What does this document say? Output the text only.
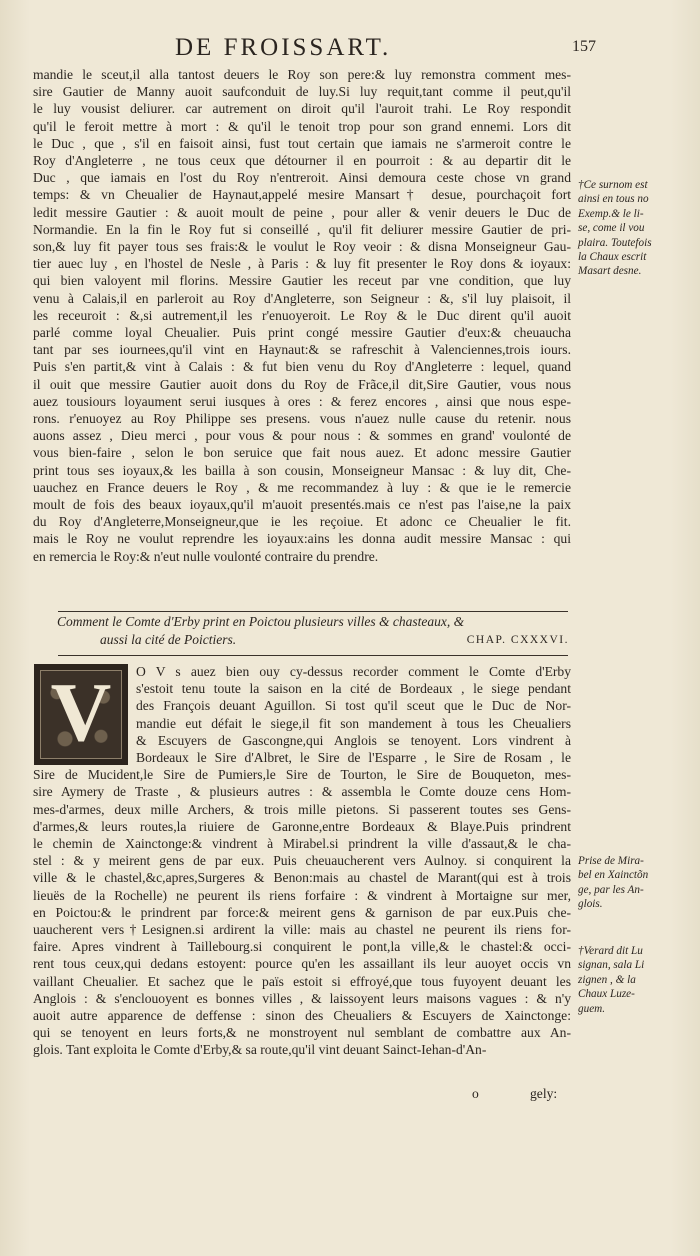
DE FROISSART.	157
mandie le sceut,il alla tantost deuers le Roy son pere:& luy remonstra comment mes-
sire Gautier de Manny auoit saufconduit de luy.Si luy requit,tant comme il peut,qu'il
le luy vousist deliurer. car autrement on diroit qu'il l'auroit trahi. Le Roy respondit
qu'il le feroit mettre à mort : & qu'il le tenoit trop pour son grand ennemi. Lors dit
le Duc , que , s'il en faisoit ainsi, fust tout certain que iamais ne s'armeroit contre le
Roy d'Angleterre , ne tous ceux que détourner il en pourroit : & au departir dit le
Duc , que iamais en l'ost du Roy n'entreroit. Ainsi demoura ceste chose vn grand
temps: & vn Cheualier de Haynaut,appelé mesire Mansart† desue, pourchaçoit fort
ledit messire Gautier : & auoit moult de peine , pour aller & venir deuers le Duc de
Normandie. En la fin le Roy fut si conseillé , qu'il fit deliurer messire Gautier de pri-
son,& luy fit payer tous ses frais:& le voulut le Roy veoir : & disna Monseigneur Gau-
tier auec luy , en l'hostel de Nesle , à Paris : & luy fit presenter le Roy dons & ioyaux:
qui bien valoyent mil florins. Messire Gautier les receut par vne condition, que luy
venu à Calais,il en parleroit au Roy d'Angleterre, son Seigneur : &, s'il luy plaisoit, il
les receuroit : &,si autrement,il les r'enuoyeroit. Le Roy & le Duc dirent qu'il auoit
parlé comme loyal Cheualier. Puis print congé messire Gautier d'eux:& cheuaucha
tant par ses iournees,qu'il vint en Haynaut:& se rafreschit à Valenciennes,trois iours.
Puis s'en partit,& vint à Calais : & fut bien venu du Roy d'Angleterre : lequel, quand
il ouit que messire Gautier auoit dons du Roy de Frãce,il dit,Sire Gautier, vous nous
auez tousiours loyaument serui iusques à ores : & ferez encores , ainsi que nous espe-
rons. r'enuoyez au Roy Philippe ses presens. vous n'auez nulle cause du retenir. nous
auons assez , Dieu merci , pour vous & pour nous : & sommes en grand' voulonté de
vous bien-faire , selon le bon seruice que fait nous auez. Et adonc messire Gautier
print tous ses ioyaux,& les bailla à son cousin, Monseigneur Mansac : & luy dit, Che-
uauchez en France deuers le Roy , & me recommandez à luy : & que ie le remercie
moult de fois des beaux ioyaux,qu'il m'auoit presentés.mais ce n'est pas l'aise,ne la paix
du Roy d'Angleterre,Monseigneur,que ie les reçoiue. Et adonc ce Cheualier le fit.
mais le Roy ne voulut reprendre les ioyaux:ains les donna audit messire Mansac : qui
en remercia le Roy:& n'eut nulle voulonté contraire du prendre.
Comment le Comte d'Erby print en Poictou plusieurs villes & chasteaux, &
aussi la cité de Poictiers.	CHAP. CXXXVI.
V	O V s auez bien ouy cy-dessus recorder comment le Comte d'Erby
s'estoit tenu toute la saison en la cité de Bordeaux , le siege pendant
des François deuant Aguillon. Si tost qu'il sceut que le Duc de Nor-
mandie eut défait le siege,il fit son mandement à tous les Cheualiers
& Escuyers de Gascongne,qui Anglois se tenoyent. Lors vindrent à
Bordeaux le Sire d'Albret, le Sire de l'Esparre , le Sire de Rosam , le
Sire de Mucident,le Sire de Pumiers,le Sire de Tourton, le Sire de Bouqueton, mes-
sire Aymery de Traste , & plusieurs autres : & assembla le Comte douze cens Hom-
mes-d'armes, deux mille Archers, & trois mille pietons. Si passerent toutes ses Gens-
d'armes,& leurs routes,la riuiere de Garonne,entre Bordeaux & Blaye.Puis prindrent
le chemin de Xainctonge:& vindrent à Mirabel.si prindrent la ville d'assaut,& le cha-
stel : & y meirent gens de par eux. Puis cheuaucherent vers Aulnoy. si conquirent la
ville & le chastel,&c,apres,Surgeres & Benon:mais au chastel de Marant(qui est à trois
lieuës de la Rochelle) ne peurent ils riens forfaire : & vindrent à Mortaigne sur mer,
en Poictou:& le prindrent par force:& meirent gens & garnison de par eux.Puis che-
uaucherent vers†Lesignen.si ardirent la ville: mais au chastel ne peurent ils riens for-
faire. Apres vindrent à Taillebourg.si conquirent le pont,la ville,& le chastel:& occi-
rent tous ceux,qui dedans estoyent: pource qu'en les assaillant ils leur auoyet occis vn
vaillant Cheualier. Et sachez que le païs estoit si effroyé,que tous fuyoyent deuant les
Anglois : & s'enclouoyent es bonnes villes , & laissoyent leurs maisons vagues : & n'y
auoit autre apparence de deffense : sinon des Cheualiers & Escuyers de Xainctonge:
qui se tenoyent en leurs forts,& ne monstroyent nul semblant de combattre aux An-
glois. Tant exploita le Comte d'Erby,& sa route,qu'il vint deuant Sainct-Iehan-d'An-
†Ce surnom est
ainsi en tous no
Exemp.& le li-
se, come il vou
plaira. Toutefois
la Chaux escrit
Masart desne.
Prise de Mira-
bel en Xainctõn
ge, par les An-
glois.
†Verard dit Lu
signan, sala Li
zignen , & la
Chaux Luze-
guem.
o	gely:
